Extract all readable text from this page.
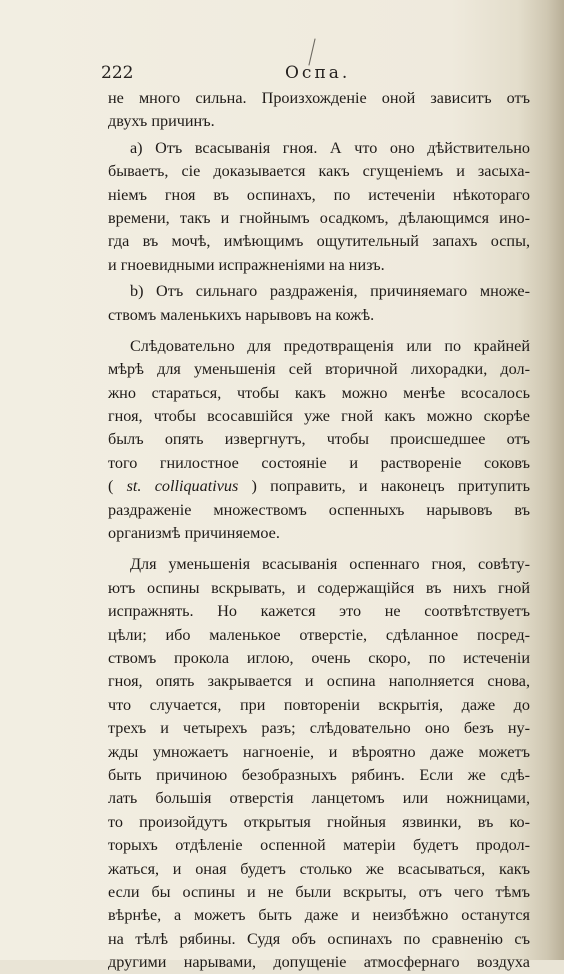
222	Оспа.
не много сильна. Произхожденіе оной зависитъ отъ
двухъ причинъ.
a) Отъ всасыванія гноя. А что оно дѣйствительно
бываетъ, сіе доказывается какъ сгущеніемъ и засыха-
ніемъ гноя въ оспинахъ, по истеченіи нѣкотораго
времени, такъ и гнойнымъ осадкомъ, дѣлающимся ино-
гда въ мочѣ, имѣющимъ ощутительный запахъ оспы,
и гноевидными испражненіями на низъ.
b) Отъ сильнаго раздраженія, причиняемаго множе-
ствомъ маленькихъ нарывовъ на кожѣ.
Слѣдовательно для предотвращенія или по крайней
мѣрѣ для уменьшенія сей вторичной лихорадки, дол-
жно стараться, чтобы какъ можно менѣе всосалось
гноя, чтобы всосавшійся уже гной какъ можно скорѣе
былъ опять извергнутъ, чтобы происшедшее отъ
того гнилостное состояніе и раствореніе соковъ
( st. colliquativus ) поправить, и наконецъ притупить
раздраженіе множествомъ оспенныхъ нарывовъ въ
организмѣ причиняемое.
Для уменьшенія всасыванія оспеннаго гноя, совѣту-
ютъ оспины вскрывать, и содержащійся въ нихъ гной
испражнять. Но кажется это не соотвѣтствуетъ
цѣли; ибо маленькое отверстіе, сдѣланное посред-
ствомъ прокола иглою, очень скоро, по истеченіи
гноя, опять закрывается и оспина наполняется снова,
что случается, при повтореніи вскрытія, даже до
трехъ и четырехъ разъ; слѣдовательно оно безъ ну-
жды умножаетъ нагноеніе, и вѣроятно даже можетъ
быть причиною безобразныхъ рябинъ. Если же сдѣ-
лать большія отверстія ланцетомъ или ножницами,
то произойдутъ открытыя гнойныя язвинки, въ ко-
торыхъ отдѣленіе оспенной матеріи будетъ продол-
жаться, и оная будетъ столько же всасываться, какъ
если бы оспины и не были вскрыты, отъ чего тѣмъ
вѣрнѣе, а можетъ быть даже и неизбѣжно останутся
на тѣлѣ рябины. Судя объ оспинахъ по сравненію съ
другими нарывами, допущеніе атмосфернаго воздуха
